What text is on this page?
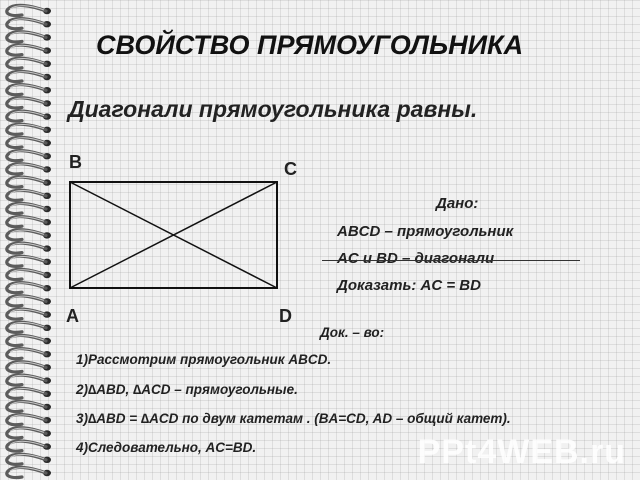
СВОЙСТВО ПРЯМОУГОЛЬНИКА
Диагонали прямоугольника равны.
B	C
A	D
Дано:
ABCD – прямоугольник
AC и BD – диагонали
Доказать: AC = BD
Док. – во:
1)Рассмотрим прямоугольник ABCD.
2)∆ABD, ∆ACD – прямоугольные.
3)∆ABD = ∆ACD по двум катетам . (BA=CD, AD – общий катет).
4)Следовательно, AC=BD.	PPt4WEB.ru
